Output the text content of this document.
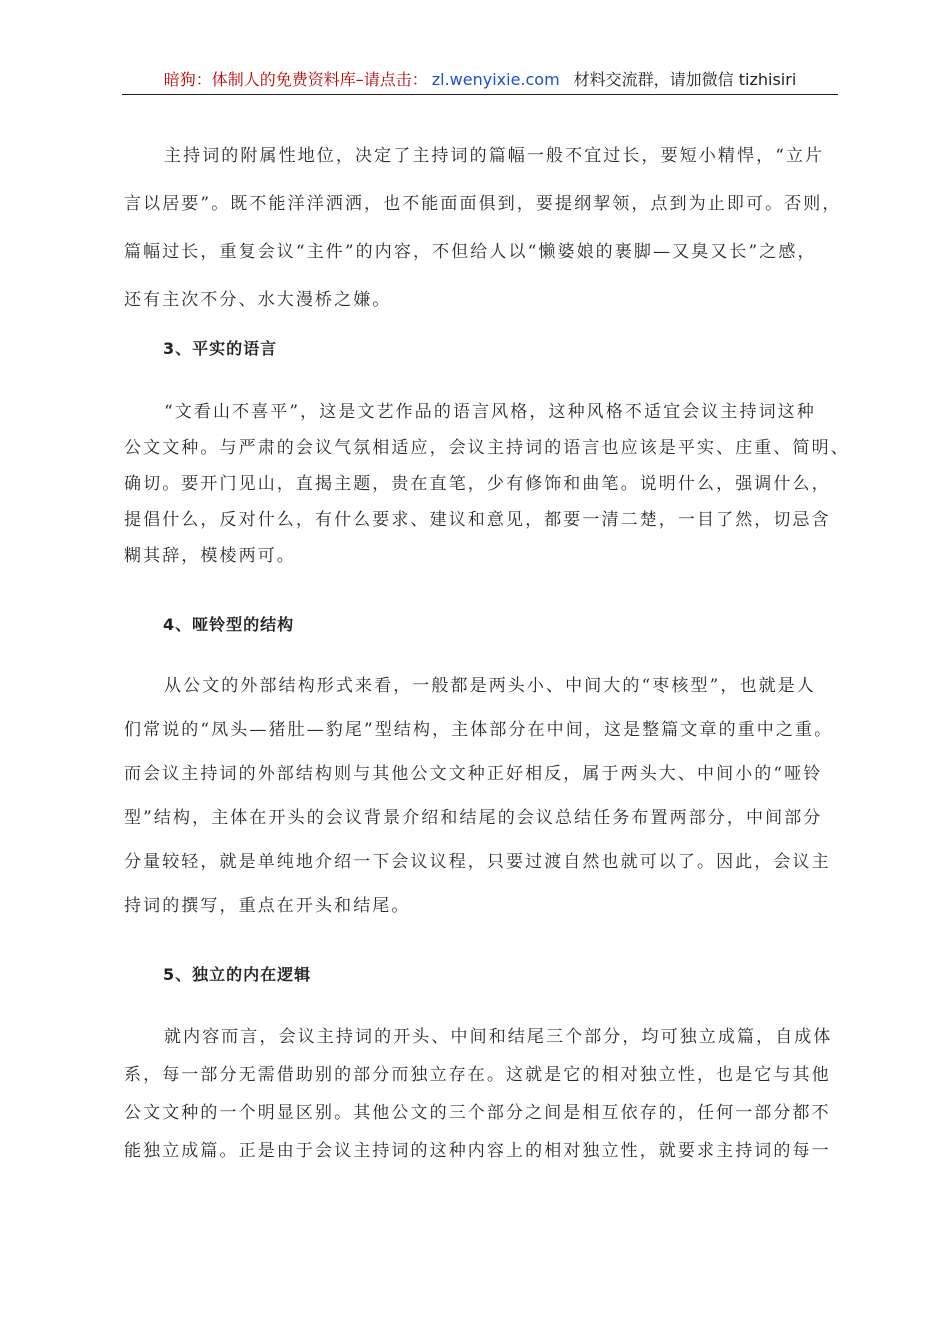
暗狗：体制人的免费资料库–请点击： zl.wenyixie.com 材料交流群，请加微信 tizhisiri
主持词的附属性地位，决定了主持词的篇幅一般不宜过长，要短小精悍，“立片
言以居要”。既不能洋洋洒洒，也不能面面俱到，要提纲挈领，点到为止即可。否则，
篇幅过长，重复会议“主件”的内容，不但给人以“懒婆娘的裹脚—又臭又长”之感，
还有主次不分、水大漫桥之嫌。
3、平实的语言
“文看山不喜平”，这是文艺作品的语言风格，这种风格不适宜会议主持词这种
公文文种。与严肃的会议气氛相适应，会议主持词的语言也应该是平实、庄重、简明、
确切。要开门见山，直揭主题，贵在直笔，少有修饰和曲笔。说明什么，强调什么，
提倡什么，反对什么，有什么要求、建议和意见，都要一清二楚，一目了然，切忌含
糊其辞，模棱两可。
4、哑铃型的结构
从公文的外部结构形式来看，一般都是两头小、中间大的“枣核型”，也就是人
们常说的“凤头—猪肚—豹尾”型结构，主体部分在中间，这是整篇文章的重中之重。
而会议主持词的外部结构则与其他公文文种正好相反，属于两头大、中间小的“哑铃
型”结构，主体在开头的会议背景介绍和结尾的会议总结任务布置两部分，中间部分
分量较轻，就是单纯地介绍一下会议议程，只要过渡自然也就可以了。因此，会议主
持词的撰写，重点在开头和结尾。
5、独立的内在逻辑
就内容而言，会议主持词的开头、中间和结尾三个部分，均可独立成篇，自成体
系，每一部分无需借助别的部分而独立存在。这就是它的相对独立性，也是它与其他
公文文种的一个明显区别。其他公文的三个部分之间是相互依存的，任何一部分都不
能独立成篇。正是由于会议主持词的这种内容上的相对独立性，就要求主持词的每一
